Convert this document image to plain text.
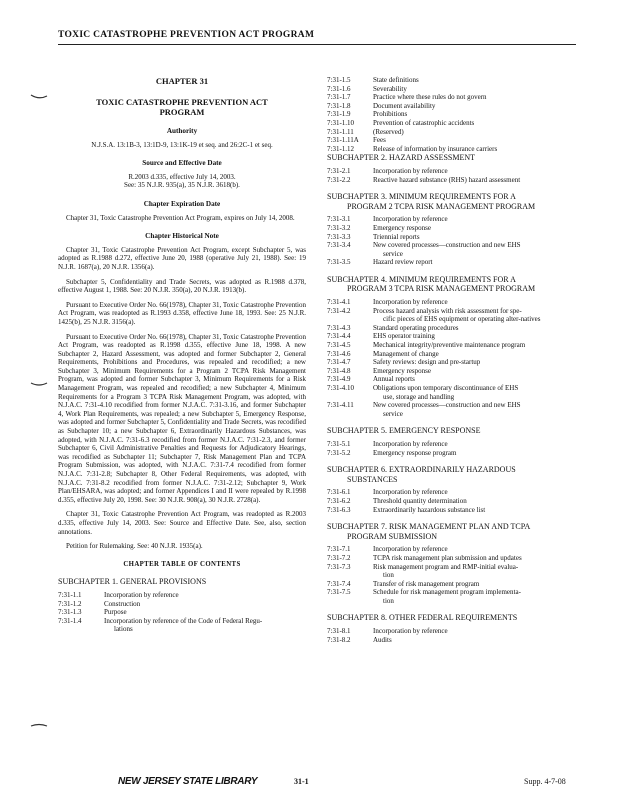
TOXIC CATASTROPHE PREVENTION ACT PROGRAM
CHAPTER 31
TOXIC CATASTROPHE PREVENTION ACT PROGRAM
Authority
N.J.S.A. 13:1B-3, 13:1D-9, 13:1K-19 et seq. and 26:2C-1 et seq.
Source and Effective Date
R.2003 d.335, effective July 14, 2003.
See: 35 N.J.R. 935(a), 35 N.J.R. 3618(b).
Chapter Expiration Date
Chapter 31, Toxic Catastrophe Prevention Act Program, expires on July 14, 2008.
Chapter Historical Note
Chapter 31, Toxic Catastrophe Prevention Act Program, except Subchapter 5, was adopted as R.1988 d.272, effective June 20, 1988 (operative July 21, 1988). See: 19 N.J.R. 1687(a), 20 N.J.R. 1356(a).
Subchapter 5, Confidentiality and Trade Secrets, was adopted as R.1988 d.378, effective August 1, 1988. See: 20 N.J.R. 350(a), 20 N.J.R. 1913(b).
Pursuant to Executive Order No. 66(1978), Chapter 31, Toxic Catastrophe Prevention Act Program, was readopted as R.1993 d.358, effective June 18, 1993. See: 25 N.J.R. 1425(b), 25 N.J.R. 3156(a).
Pursuant to Executive Order No. 66(1978), Chapter 31, Toxic Catastrophe Prevention Act Program, was readopted as R.1998 d.355, effective June 18, 1998. A new Subchapter 2, Hazard Assessment, was adopted and former Subchapter 2, General Requirements, Prohibitions and Procedures, was repealed and recodified; a new Subchapter 3, Minimum Requirements for a Program 2 TCPA Risk Management Program, was adopted and former Subchapter 3, Minimum Requirements for a Risk Management Program, was repealed and recodified; a new Subchapter 4, Minimum Requirements for a Program 3 TCPA Risk Management Program, was adopted, with N.J.A.C. 7:31-4.10 recodified from former N.J.A.C. 7:31-3.16, and former Subchapter 4, Work Plan Requirements, was repealed; a new Subchapter 5, Emergency Response, was adopted and former Subchapter 5, Confidentiality and Trade Secrets, was recodified as Subchapter 10; a new Subchapter 6, Extraordinarily Hazardous Substances, was adopted, with N.J.A.C. 7:31-6.3 recodified from former N.J.A.C. 7:31-2.3, and former Subchapter 6, Civil Administrative Penalties and Requests for Adjudicatory Hearings, was recodified as Subchapter 11; Subchapter 7, Risk Management Plan and TCPA Program Submission, was adopted, with N.J.A.C. 7:31-7.4 recodified from former N.J.A.C. 7:31-2.8; Subchapter 8, Other Federal Requirements, was adopted, with N.J.A.C. 7:31-8.2 recodified from former N.J.A.C. 7:31-2.12; Subchapter 9, Work Plan/EHSARA, was adopted; and former Appendices I and II were repealed by R.1998 d.355, effective July 20, 1998. See: 30 N.J.R. 908(a), 30 N.J.R. 2728(a).
Chapter 31, Toxic Catastrophe Prevention Act Program, was readopted as R.2003 d.335, effective July 14, 2003. See: Source and Effective Date. See, also, section annotations.
Petition for Rulemaking. See: 40 N.J.R. 1935(a).
CHAPTER TABLE OF CONTENTS
SUBCHAPTER 1. GENERAL PROVISIONS
7:31-1.1	Incorporation by reference
7:31-1.2	Construction
7:31-1.3	Purpose
7:31-1.4	Incorporation by reference of the Code of Federal Regu-
lations
7:31-1.5	State definitions
7:31-1.6	Severability
7:31-1.7	Practice where these rules do not govern
7:31-1.8	Document availability
7:31-1.9	Prohibitions
7:31-1.10	Prevention of catastrophic accidents
7:31-1.11	(Reserved)
7:31-1.11A	Fees
7:31-1.12	Release of information by insurance carriers
SUBCHAPTER 2. HAZARD ASSESSMENT
7:31-2.1	Incorporation by reference
7:31-2.2	Reactive hazard substance (RHS) hazard assessment
SUBCHAPTER 3. MINIMUM REQUIREMENTS FOR A
PROGRAM 2 TCPA RISK MANAGEMENT PROGRAM
7:31-3.1	Incorporation by reference
7:31-3.2	Emergency response
7:31-3.3	Triennial reports
7:31-3.4	New covered processes—construction and new EHS
service
7:31-3.5	Hazard review report
SUBCHAPTER 4. MINIMUM REQUIREMENTS FOR A
PROGRAM 3 TCPA RISK MANAGEMENT PROGRAM
7:31-4.1	Incorporation by reference
7:31-4.2	Process hazard analysis with risk assessment for spe-
cific pieces of EHS equipment or operating alter-natives
7:31-4.3	Standard operating procedures
7:31-4.4	EHS operator training
7:31-4.5	Mechanical integrity/preventive maintenance program
7:31-4.6	Management of change
7:31-4.7	Safety reviews: design and pre-startup
7:31-4.8	Emergency response
7:31-4.9	Annual reports
7:31-4.10	Obligations upon temporary discontinuance of EHS
use, storage and handling
7:31-4.11	New covered processes—construction and new EHS
service
SUBCHAPTER 5. EMERGENCY RESPONSE
7:31-5.1	Incorporation by reference
7:31-5.2	Emergency response program
SUBCHAPTER 6. EXTRAORDINARILY HAZARDOUS
SUBSTANCES
7:31-6.1	Incorporation by reference
7:31-6.2	Threshold quantity determination
7:31-6.3	Extraordinarily hazardous substance list
SUBCHAPTER 7. RISK MANAGEMENT PLAN AND TCPA
PROGRAM SUBMISSION
7:31-7.1	Incorporation by reference
7:31-7.2	TCPA risk management plan submission and updates
7:31-7.3	Risk management program and RMP-initial evalua-
tion
7:31-7.4	Transfer of risk management program
7:31-7.5	Schedule for risk management program implementa-
tion
SUBCHAPTER 8. OTHER FEDERAL REQUIREMENTS
7:31-8.1	Incorporation by reference
7:31-8.2	Audits
NEW JERSEY STATE LIBRARY	31-1	Supp. 4-7-08
